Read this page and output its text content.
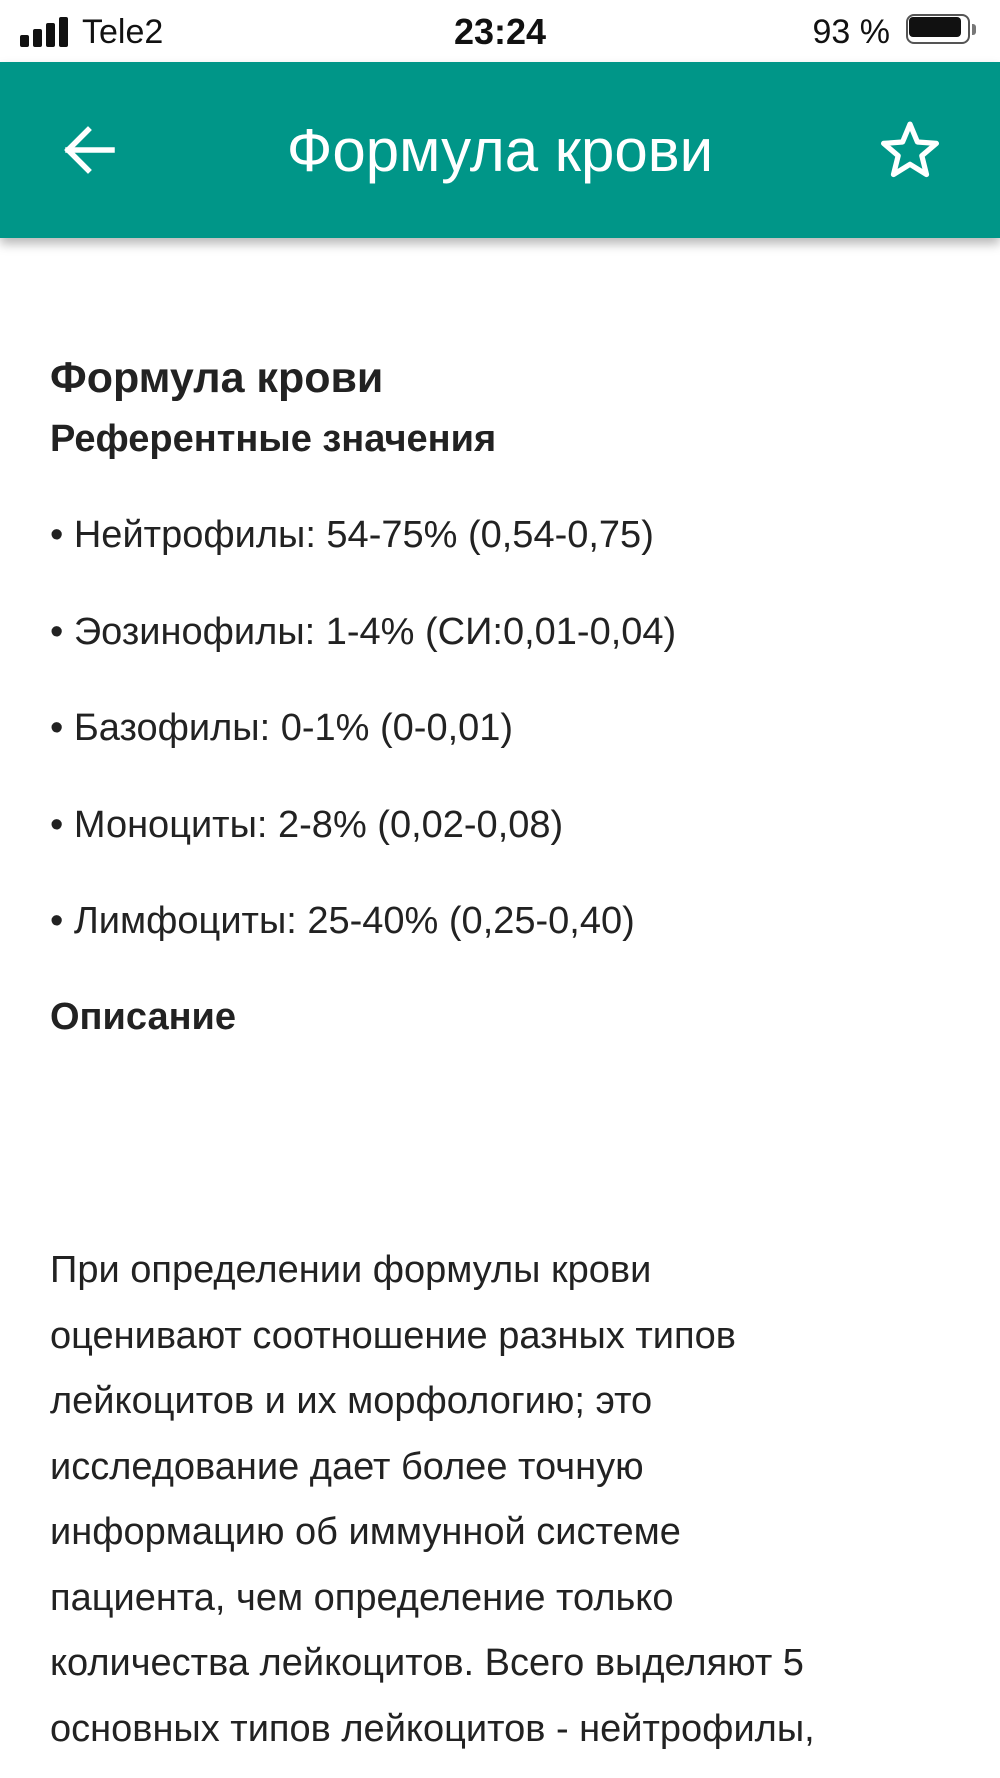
Tele2	23:24	93 %
Формула крови
Формула крови
Референтные значения
• Нейтрофилы: 54-75% (0,54-0,75)
• Эозинофилы: 1-4% (СИ:0,01-0,04)
• Базофилы: 0-1% (0-0,01)
• Моноциты: 2-8% (0,02-0,08)
• Лимфоциты: 25-40% (0,25-0,40)
Описание

При определении формулы крови
оценивают соотношение разных типов
лейкоцитов и их морфологию; это
исследование дает более точную
информацию об иммунной системе
пациента, чем определение только
количества лейкоцитов. Всего выделяют 5
основных типов лейкоцитов - нейтрофилы,
